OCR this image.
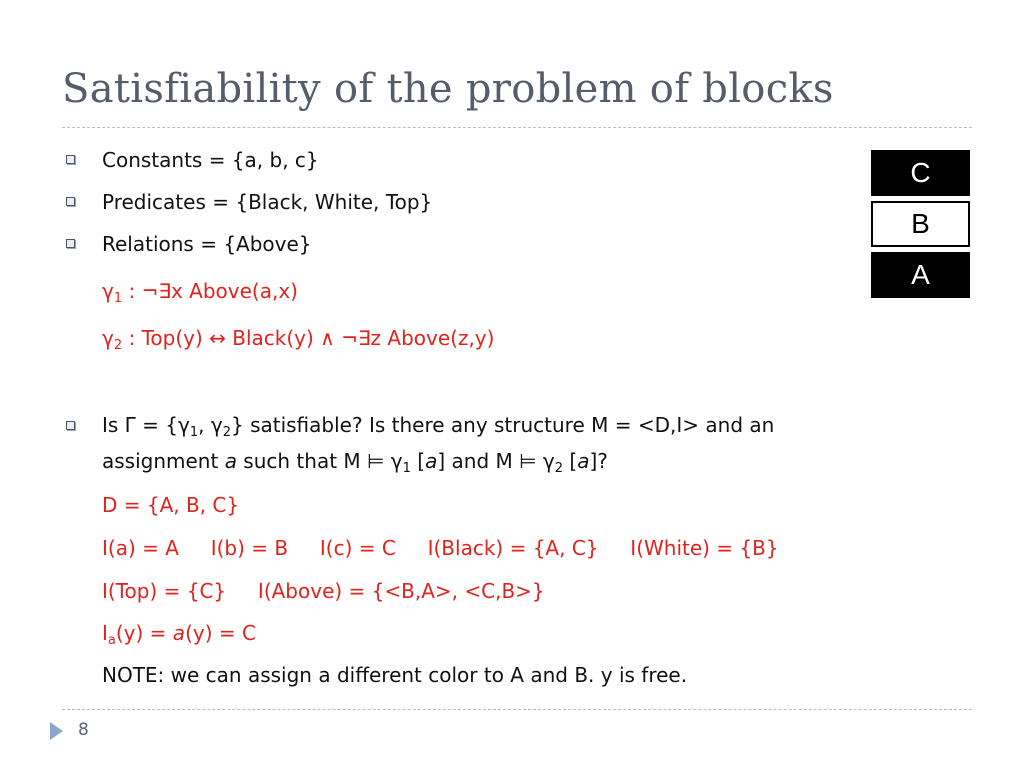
Satisfiability of the problem of blocks
Constants = {a, b, c}
Predicates = {Black, White, Top}
Relations = {Above}
$\gamma_1$ : ¬∃x Above(a,x)
$\gamma_2$ : Top(y) ↔ Black(y) ∧ ¬∃z Above(z,y)
Is $\Gamma = \{\gamma_1$, $\gamma_2$} satisfiable? Is there any structure M = <D,I> and an
assignment a such that M ⊨ $\gamma_1$ [a] and M ⊨ $\gamma_2$ [a]?
D = {A, B, C}
I(a) = A     I(b) = B     I(c) = C     I(Black) = {A, C}     I(White) = {B}
I(Top) = {C}     I(Above) = {<B,A>, <C,B>}
$I_a(y) = a(y) = C$
NOTE: we can assign a different color to A and B. y is free.
C
B
A
8
